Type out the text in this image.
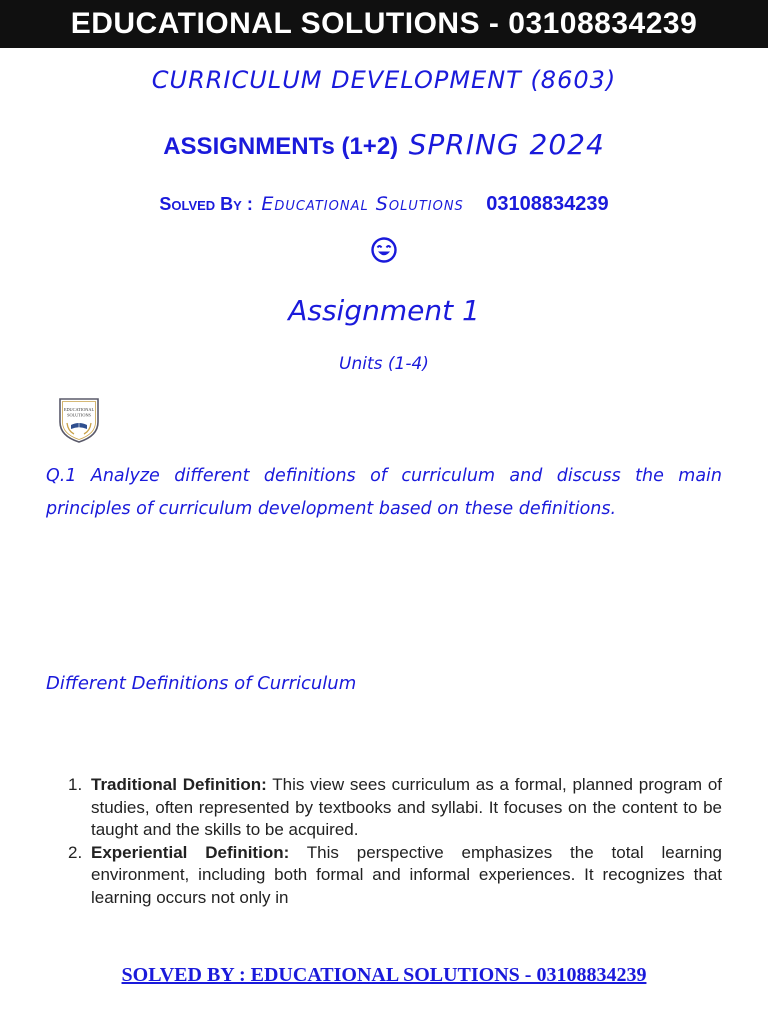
EDUCATIONAL SOLUTIONS - 03108834239
CURRICULUM DEVELOPMENT (8603)
ASSIGNMENTs (1+2) SPRING 2024
Solved By : Educational Solutions 03108834239
Assignment 1
Units (1-4)
EDUCATIONAL
SOLUTIONS
Q.1 Analyze different definitions of curriculum and discuss the main principles of curriculum development based on these definitions.
Different Definitions of Curriculum
1. Traditional Definition: This view sees curriculum as a formal, planned program of studies, often represented by textbooks and syllabi. It focuses on the content to be taught and the skills to be acquired.
2. Experiential Definition: This perspective emphasizes the total learning environment, including both formal and informal experiences. It recognizes that learning occurs not only in
SOLVED BY : EDUCATIONAL SOLUTIONS - 03108834239
